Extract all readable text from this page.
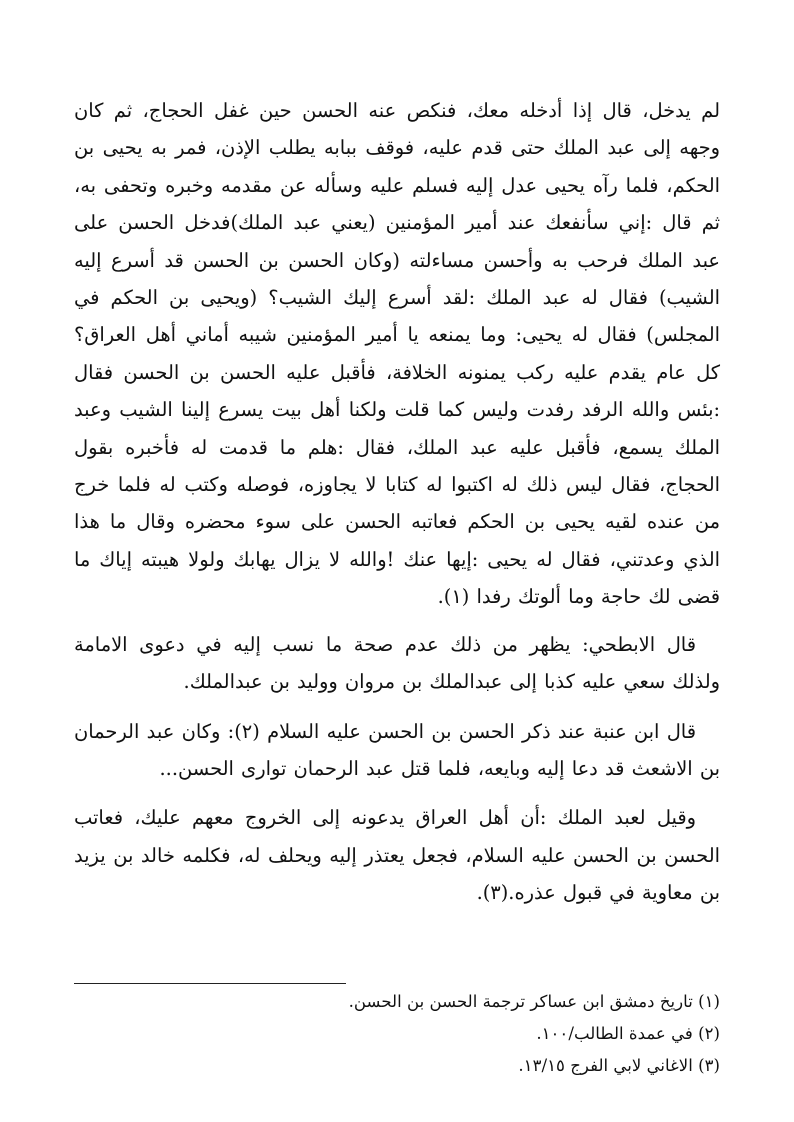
لم يدخل، قال إذا أدخله معك، فنكص عنه الحسن حين غفل الحجاج، ثم كان وجهه إلى عبد الملك حتى قدم عليه، فوقف ببابه يطلب الإذن، فمر به يحيى بن الحكم، فلما رآه يحيى عدل إليه فسلم عليه وسأله عن مقدمه وخبره وتحفى به، ثم قال :إني سأنفعك عند أمير المؤمنين (يعني عبد الملك)فدخل الحسن على عبد الملك فرحب به وأحسن مساءلته (وكان الحسن بن الحسن قد أسرع إليه الشيب) فقال له عبد الملك :لقد أسرع إليك الشيب؟ (ويحيى بن الحكم في المجلس) فقال له يحيى: وما يمنعه يا أمير المؤمنين شيبه أماني أهل العراق؟ كل عام يقدم عليه ركب يمنونه الخلافة، فأقبل عليه الحسن بن الحسن فقال :بئس والله الرفد رفدت وليس كما قلت ولكنا أهل بيت يسرع إلينا الشيب وعبد الملك يسمع، فأقبل عليه عبد الملك، فقال :هلم ما قدمت له فأخبره بقول الحجاج، فقال ليس ذلك له اكتبوا له كتابا لا يجاوزه، فوصله وكتب له فلما خرج من عنده لقيه يحيى بن الحكم فعاتبه الحسن على سوء محضره وقال ما هذا الذي وعدتني، فقال له يحيى :إيها عنك !والله لا يزال يهابك ولولا هيبته إياك ما قضى لك حاجة وما ألوتك رفدا (١).

قال الابطحي: يظهر من ذلك عدم صحة ما نسب إليه في دعوى الامامة ولذلك سعي عليه كذبا إلى عبدالملك بن مروان ووليد بن عبدالملك.

قال ابن عنبة عند ذكر الحسن بن الحسن عليه السلام (٢): وكان عبد الرحمان بن الاشعث قد دعا إليه وبايعه، فلما قتل عبد الرحمان توارى الحسن...

وقيل لعبد الملك :أن أهل العراق يدعونه إلى الخروج معهم عليك، فعاتب الحسن بن الحسن عليه السلام، فجعل يعتذر إليه ويحلف له، فكلمه خالد بن يزيد بن معاوية في قبول عذره.(٣).

(١) تاريخ دمشق ابن عساكر ترجمة الحسن بن الحسن.

(٢) في عمدة الطالب/١٠٠.

(٣) الاغاني لابي الفرج ١٣/١٥.
